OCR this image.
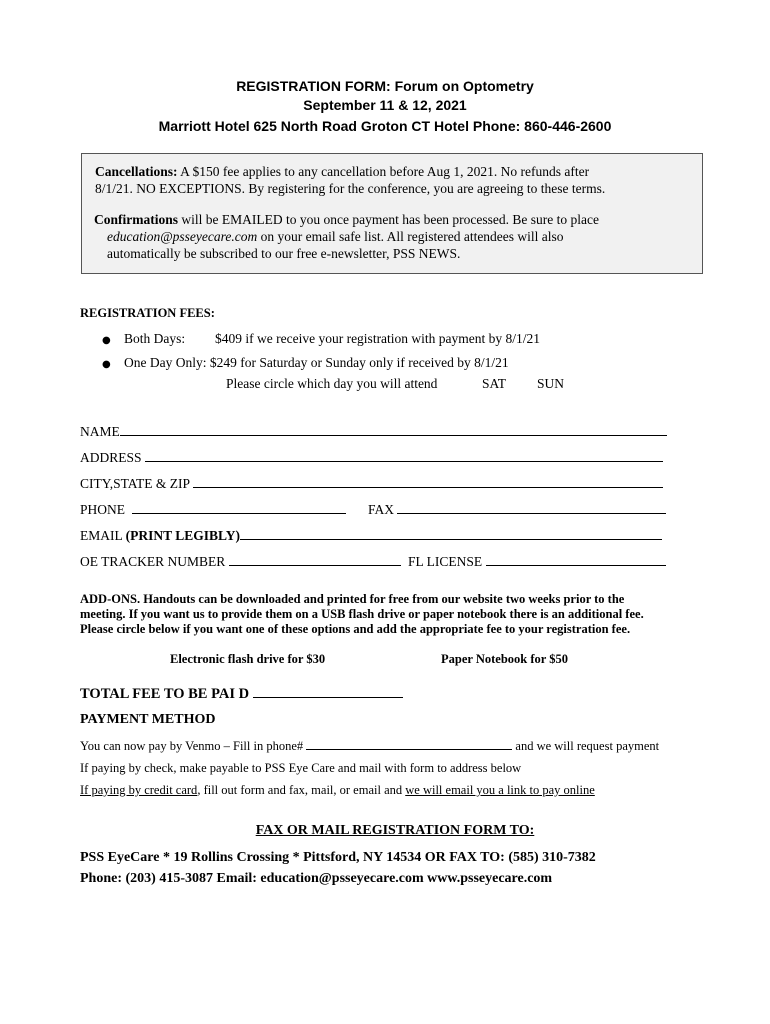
REGISTRATION FORM: Forum on Optometry
September 11 & 12, 2021
Marriott Hotel 625 North Road Groton CT Hotel Phone: 860-446-2600

Cancellations: A $150 fee applies to any cancellation before Aug 1, 2021. No refunds after

8/1/21. NO EXCEPTIONS. By registering for the conference, you are agreeing to these terms.

Confirmations will be EMAILED to you once payment has been processed. Be sure to place

education@psseyecare.com on your email safe list. All registered attendees will also

automatically be subscribed to our free e-newsletter, PSS NEWS.

REGISTRATION FEES:
● Both Days: $409 if we receive your registration with payment by 8/1/21
● One Day Only: $249 for Saturday or Sunday only if received by 8/1/21
Please circle which day you will attend	SAT SUN
NAME
ADDRESS
CITY,STATE & ZIP
PHONE	FAX
EMAIL (PRINT LEGIBLY)
OE TRACKER NUMBER	FL LICENSE
ADD-ONS. Handouts can be downloaded and printed for free from our website two weeks prior to the
meeting. If you want us to provide them on a USB flash drive or paper notebook there is an additional fee.
Please circle below if you want one of these options and add the appropriate fee to your registration fee.
Electronic flash drive for $30	Paper Notebook for $50
TOTAL FEE TO BE PAI D
PAYMENT METHOD
You can now pay by Venmo – Fill in phone#	and we will request payment
If paying by check, make payable to PSS Eye Care and mail with form to address below
If paying by credit card, fill out form and fax, mail, or email and we will email you a link to pay online
FAX OR MAIL REGISTRATION FORM TO:
PSS EyeCare * 19 Rollins Crossing * Pittsford, NY 14534 OR FAX TO: (585) 310-7382
Phone: (203) 415-3087 Email: education@psseyecare.com www.psseyecare.com
